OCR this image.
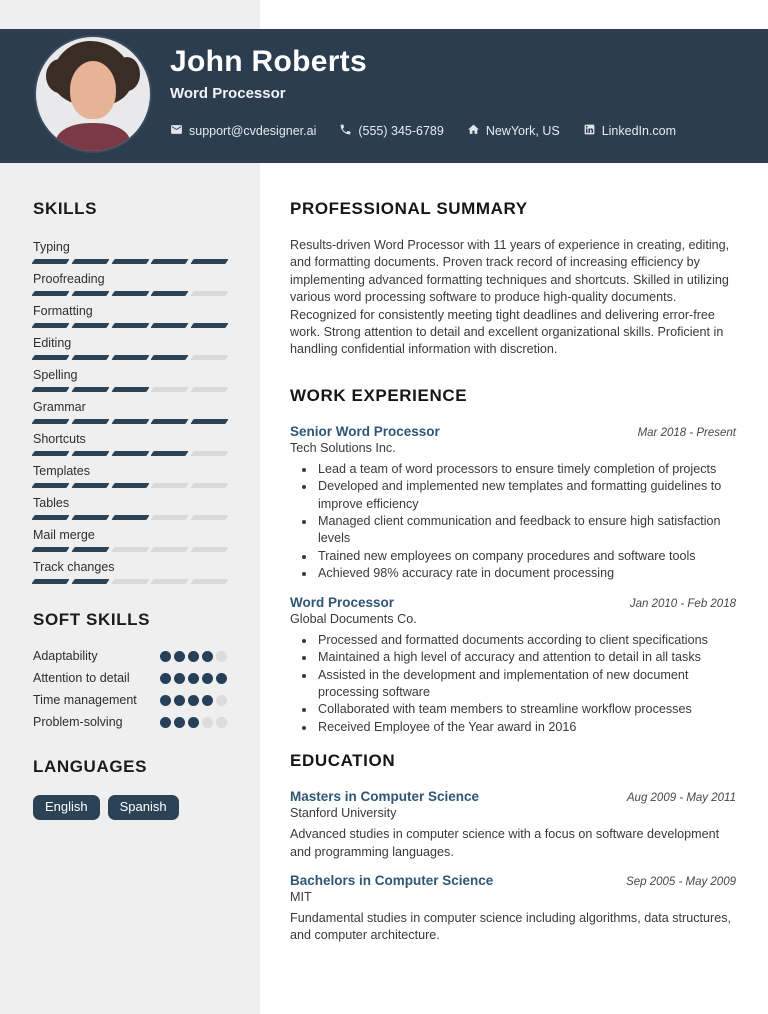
John Roberts

Word Processor

support@cvdesigner.ai	(555) 345-6789	NewYork, US	LinkedIn.com
SKILLS
Typing
Proofreading
Formatting
Editing
Spelling
Grammar
Shortcuts
Templates
Tables
Mail merge
Track changes
SOFT SKILLS
Adaptability
Attention to detail
Time management
Problem-solving
LANGUAGES
English	Spanish
PROFESSIONAL SUMMARY

Results-driven Word Processor with 11 years of experience in creating, editing, and formatting documents. Proven track record of increasing efficiency by implementing advanced formatting techniques and shortcuts. Skilled in utilizing various word processing software to produce high-quality documents. Recognized for consistently meeting tight deadlines and delivering error-free work. Strong attention to detail and excellent organizational skills. Proficient in handling confidential information with discretion.

WORK EXPERIENCE
Senior Word Processor	Mar 2018 - Present

Tech Solutions Inc.

• Lead a team of word processors to ensure timely completion of projects
• Developed and implemented new templates and formatting guidelines to improve efficiency
• Managed client communication and feedback to ensure high satisfaction levels
• Trained new employees on company procedures and software tools
• Achieved 98% accuracy rate in document processing
Word Processor	Jan 2010 - Feb 2018

Global Documents Co.

• Processed and formatted documents according to client specifications
• Maintained a high level of accuracy and attention to detail in all tasks
• Assisted in the development and implementation of new document processing software
• Collaborated with team members to streamline workflow processes
• Received Employee of the Year award in 2016
EDUCATION
Masters in Computer Science	Aug 2009 - May 2011

Stanford University

Advanced studies in computer science with a focus on software development and programming languages.

Bachelors in Computer Science	Sep 2005 - May 2009

MIT

Fundamental studies in computer science including algorithms, data structures, and computer architecture.
